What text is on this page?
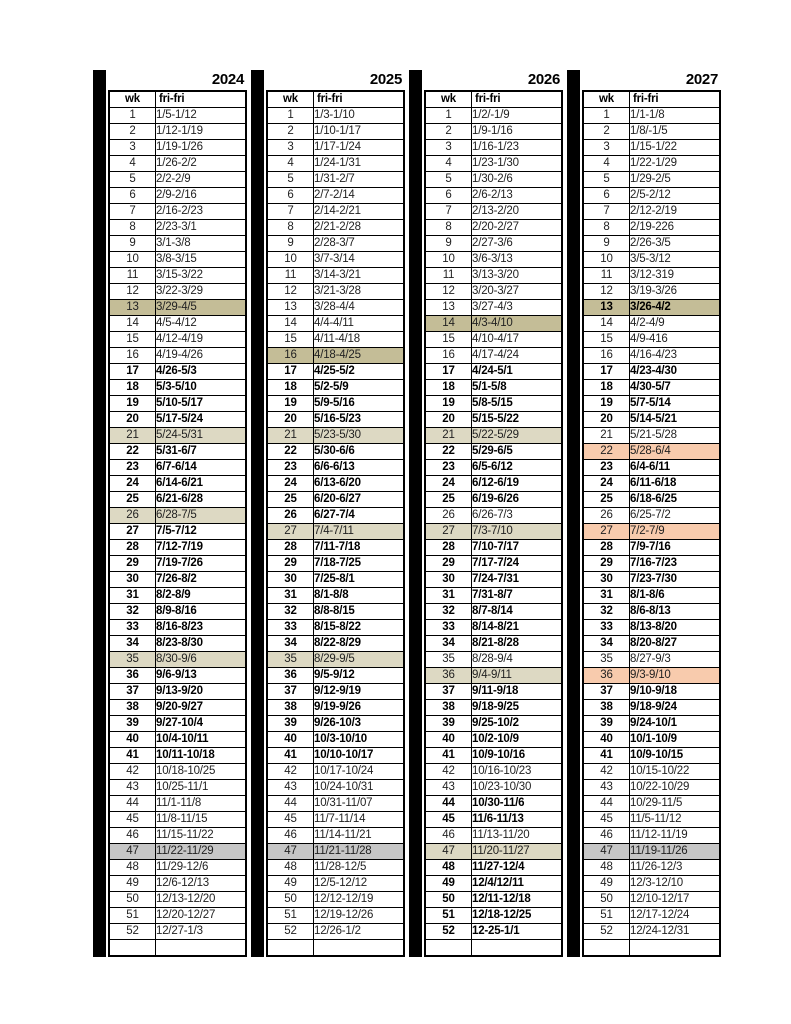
2024
wk	fri-fri
1	1/5-1/12
2	1/12-1/19
3	1/19-1/26
4	1/26-2/2
5	2/2-2/9
6	2/9-2/16
7	2/16-2/23
8	2/23-3/1
9	3/1-3/8
10	3/8-3/15
11	3/15-3/22
12	3/22-3/29
13	3/29-4/5
14	4/5-4/12
15	4/12-4/19
16	4/19-4/26
17	4/26-5/3
18	5/3-5/10
19	5/10-5/17
20	5/17-5/24
21	5/24-5/31
22	5/31-6/7
23	6/7-6/14
24	6/14-6/21
25	6/21-6/28
26	6/28-7/5
27	7/5-7/12
28	7/12-7/19
29	7/19-7/26
30	7/26-8/2
31	8/2-8/9
32	8/9-8/16
33	8/16-8/23
34	8/23-8/30
35	8/30-9/6
36	9/6-9/13
37	9/13-9/20
38	9/20-9/27
39	9/27-10/4
40	10/4-10/11
41	10/11-10/18
42	10/18-10/25
43	10/25-11/1
44	11/1-11/8
45	11/8-11/15
46	11/15-11/22
47	11/22-11/29
48	11/29-12/6
49	12/6-12/13
50	12/13-12/20
51	12/20-12/27
52	12/27-1/3

2025
wk	fri-fri
1	1/3-1/10
2	1/10-1/17
3	1/17-1/24
4	1/24-1/31
5	1/31-2/7
6	2/7-2/14
7	2/14-2/21
8	2/21-2/28
9	2/28-3/7
10	3/7-3/14
11	3/14-3/21
12	3/21-3/28
13	3/28-4/4
14	4/4-4/11
15	4/11-4/18
16	4/18-4/25
17	4/25-5/2
18	5/2-5/9
19	5/9-5/16
20	5/16-5/23
21	5/23-5/30
22	5/30-6/6
23	6/6-6/13
24	6/13-6/20
25	6/20-6/27
26	6/27-7/4
27	7/4-7/11
28	7/11-7/18
29	7/18-7/25
30	7/25-8/1
31	8/1-8/8
32	8/8-8/15
33	8/15-8/22
34	8/22-8/29
35	8/29-9/5
36	9/5-9/12
37	9/12-9/19
38	9/19-9/26
39	9/26-10/3
40	10/3-10/10
41	10/10-10/17
42	10/17-10/24
43	10/24-10/31
44	10/31-11/07
45	11/7-11/14
46	11/14-11/21
47	11/21-11/28
48	11/28-12/5
49	12/5-12/12
50	12/12-12/19
51	12/19-12/26
52	12/26-1/2

2026
wk	fri-fri
1	1/2/-1/9
2	1/9-1/16
3	1/16-1/23
4	1/23-1/30
5	1/30-2/6
6	2/6-2/13
7	2/13-2/20
8	2/20-2/27
9	2/27-3/6
10	3/6-3/13
11	3/13-3/20
12	3/20-3/27
13	3/27-4/3
14	4/3-4/10
15	4/10-4/17
16	4/17-4/24
17	4/24-5/1
18	5/1-5/8
19	5/8-5/15
20	5/15-5/22
21	5/22-5/29
22	5/29-6/5
23	6/5-6/12
24	6/12-6/19
25	6/19-6/26
26	6/26-7/3
27	7/3-7/10
28	7/10-7/17
29	7/17-7/24
30	7/24-7/31
31	7/31-8/7
32	8/7-8/14
33	8/14-8/21
34	8/21-8/28
35	8/28-9/4
36	9/4-9/11
37	9/11-9/18
38	9/18-9/25
39	9/25-10/2
40	10/2-10/9
41	10/9-10/16
42	10/16-10/23
43	10/23-10/30
44	10/30-11/6
45	11/6-11/13
46	11/13-11/20
47	11/20-11/27
48	11/27-12/4
49	12/4/12/11
50	12/11-12/18
51	12/18-12/25
52	12-25-1/1

2027
wk	fri-fri
1	1/1-1/8
2	1/8/-1/5
3	1/15-1/22
4	1/22-1/29
5	1/29-2/5
6	2/5-2/12
7	2/12-2/19
8	2/19-226
9	2/26-3/5
10	3/5-3/12
11	3/12-319
12	3/19-3/26
13	3/26-4/2
14	4/2-4/9
15	4/9-416
16	4/16-4/23
17	4/23-4/30
18	4/30-5/7
19	5/7-5/14
20	5/14-5/21
21	5/21-5/28
22	5/28-6/4
23	6/4-6/11
24	6/11-6/18
25	6/18-6/25
26	6/25-7/2
27	7/2-7/9
28	7/9-7/16
29	7/16-7/23
30	7/23-7/30
31	8/1-8/6
32	8/6-8/13
33	8/13-8/20
34	8/20-8/27
35	8/27-9/3
36	9/3-9/10
37	9/10-9/18
38	9/18-9/24
39	9/24-10/1
40	10/1-10/9
41	10/9-10/15
42	10/15-10/22
43	10/22-10/29
44	10/29-11/5
45	11/5-11/12
46	11/12-11/19
47	11/19-11/26
48	11/26-12/3
49	12/3-12/10
50	12/10-12/17
51	12/17-12/24
52	12/24-12/31
